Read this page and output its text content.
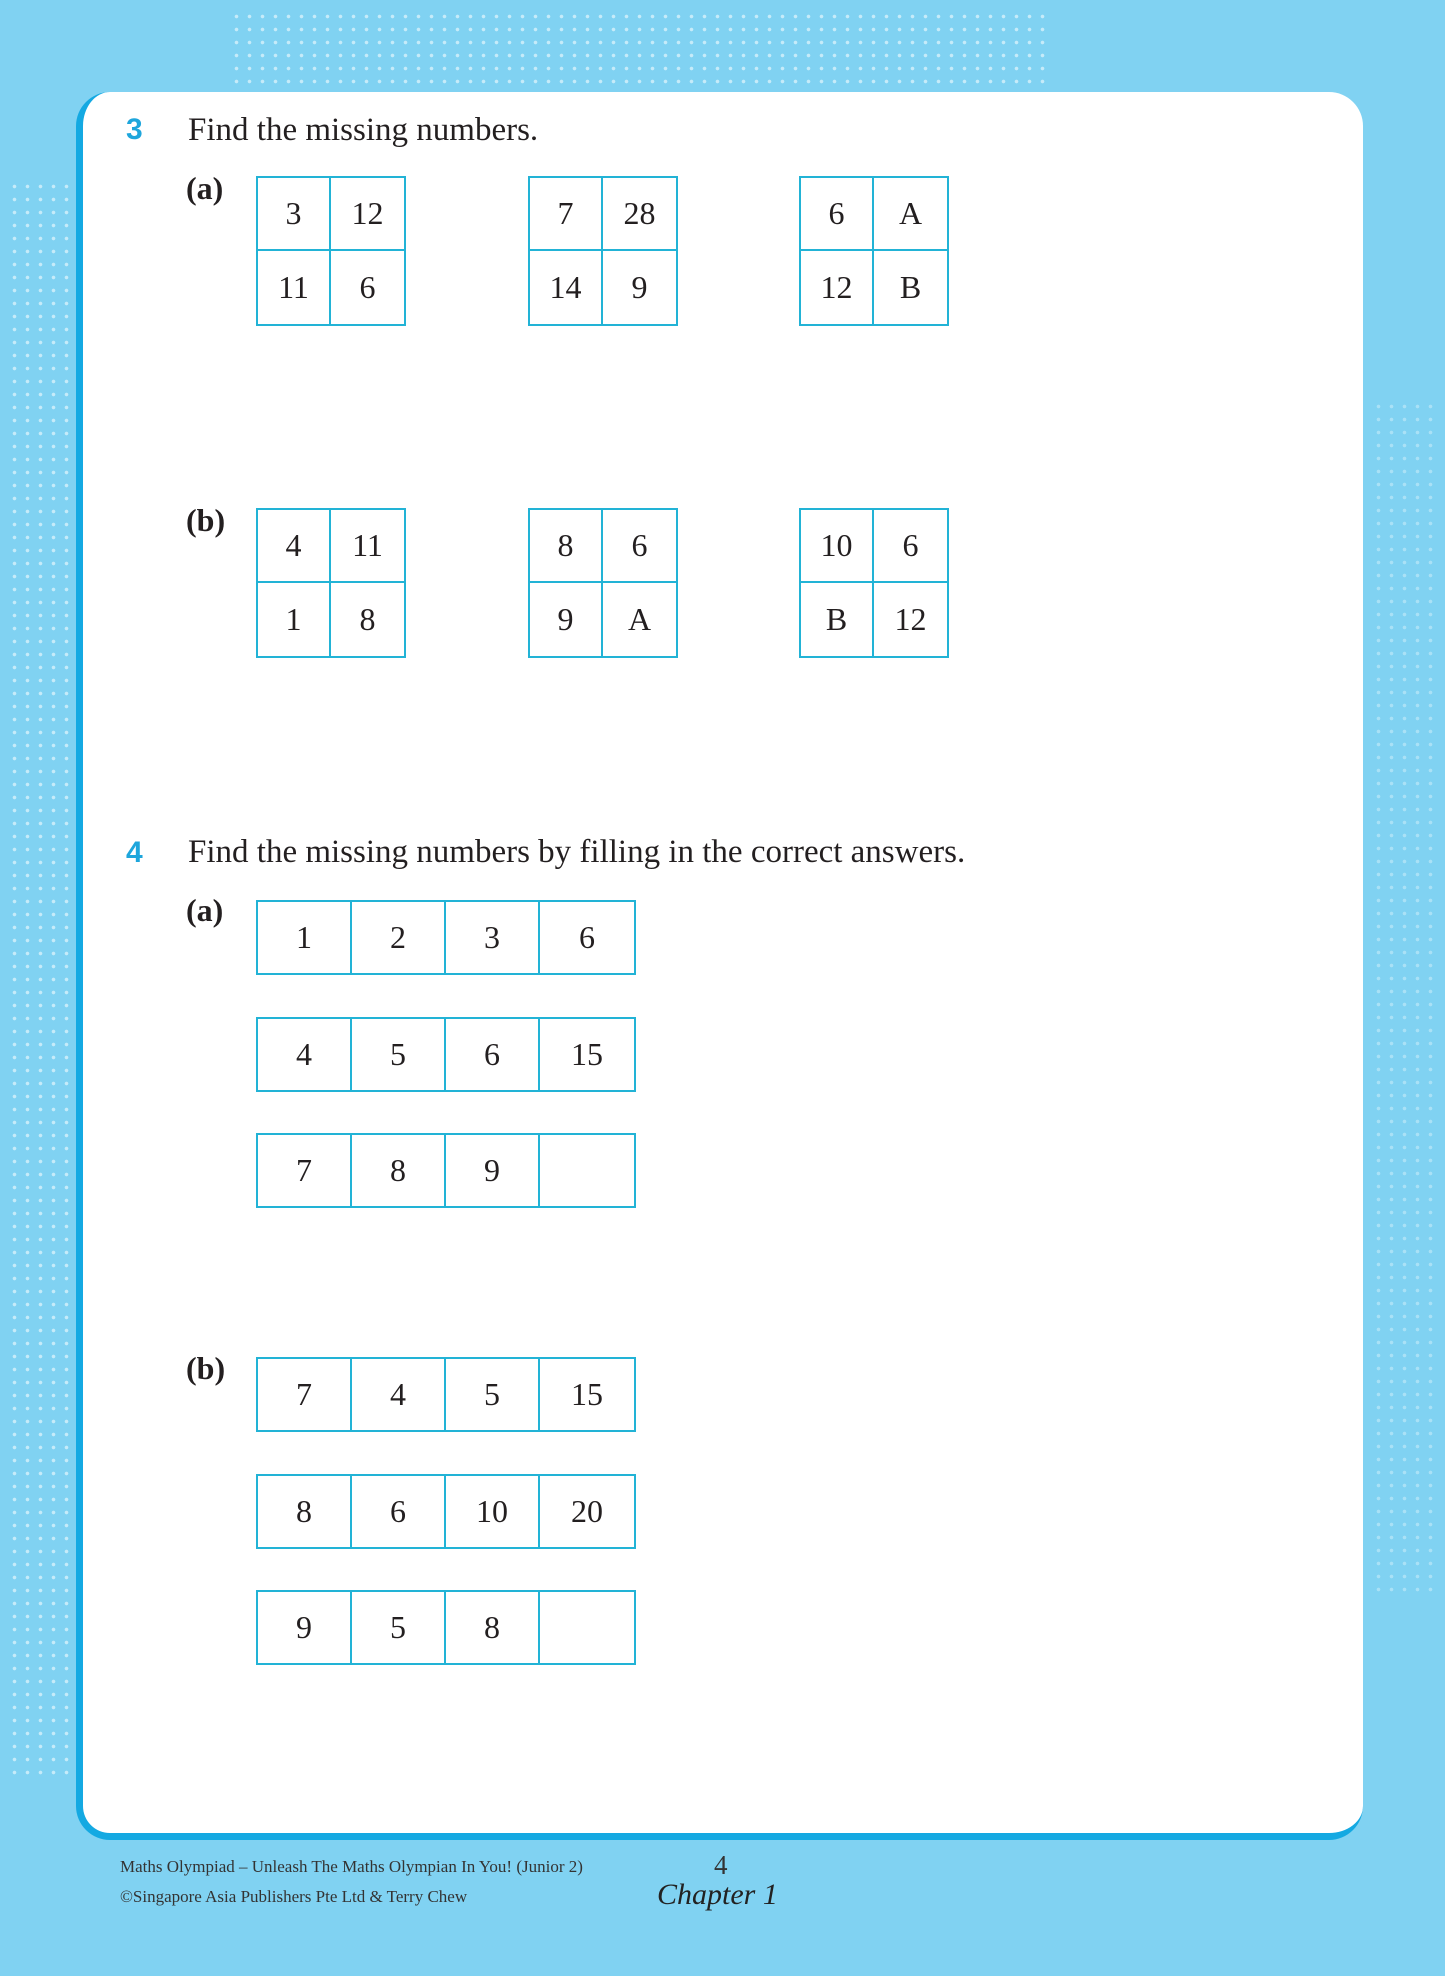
3 Find the missing numbers.
(a)
(b)
3	12
11	6
7	28
14	9
6	A
12	B
4	11
1	8
8	6
9	A
10	6
B	12
4 Find the missing numbers by filling in the correct answers.
(a)
(b)
1	2	3	6
4	5	6	15
7	8	9
7	4	5	15
8	6	10	20
9	5	8
Maths Olympiad – Unleash The Maths Olympian In You! (Junior 2)
©Singapore Asia Publishers Pte Ltd & Terry Chew
4
Chapter 1
